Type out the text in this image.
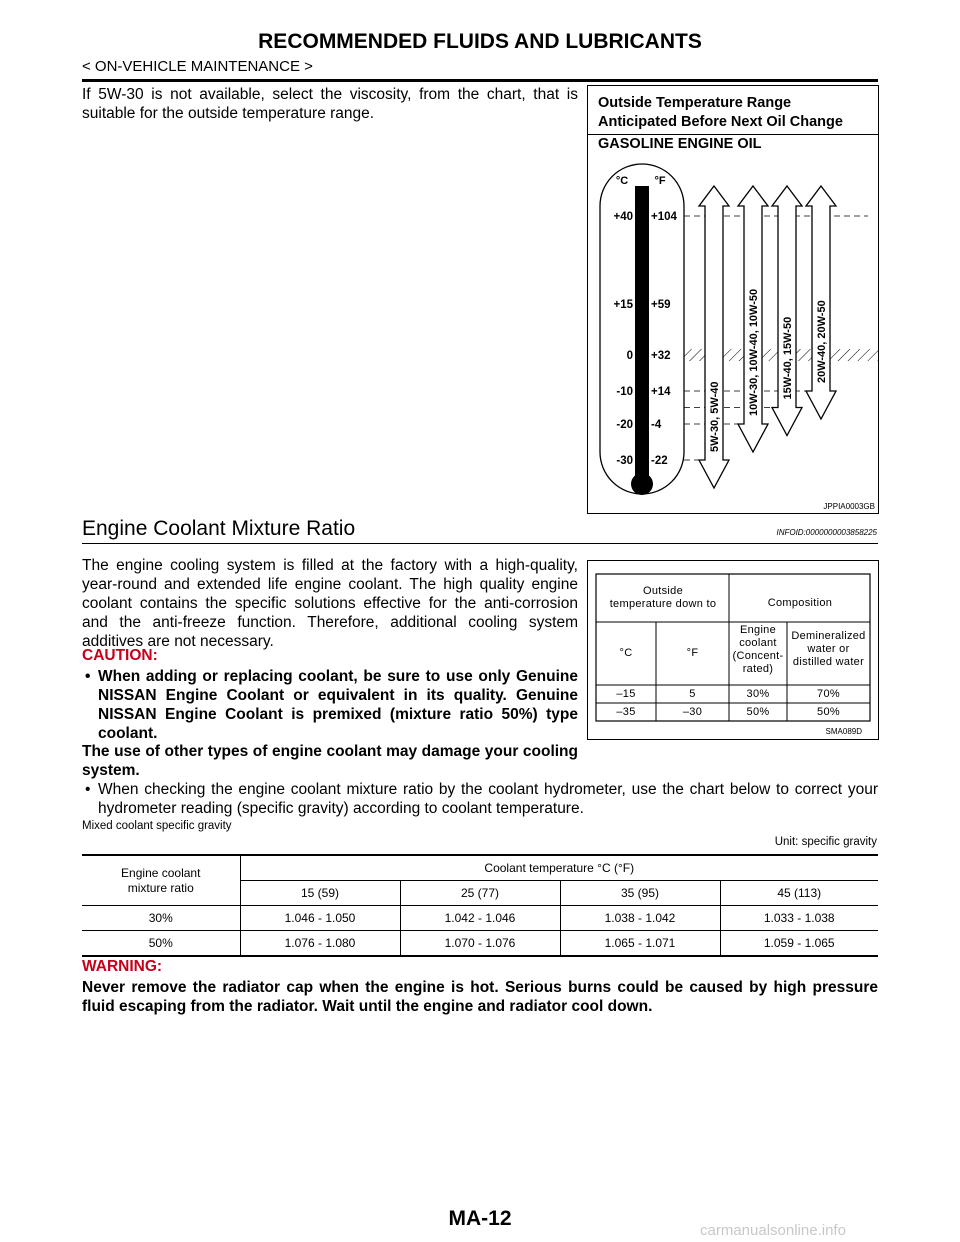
RECOMMENDED FLUIDS AND LUBRICANTS
< ON-VEHICLE MAINTENANCE >
If 5W-30 is not available, select the viscosity, from the chart, that is suitable for the outside temperature range.
Outside Temperature Range
Anticipated Before Next Oil Change
GASOLINE ENGINE OIL
°C °F
+40 +104
+15 +59
0 +32
-10 +14
-20 -4
-30 -22
5W-30, 5W-40
10W-30, 10W-40, 10W-50 15W-40, 15W-50 20W-40, 20W-50
JPPIA0003GB
Engine Coolant Mixture Ratio	INFOID:0000000003858225
The engine cooling system is filled at the factory with a high-quality, year-round and extended life engine coolant. The high quality engine coolant contains the specific solutions effective for the anti-corrosion and the anti-freeze function. Therefore, additional cooling system additives are not necessary.
CAUTION:
• When adding or replacing coolant, be sure to use only Genuine NISSAN Engine Coolant or equivalent in its quality. Genuine NISSAN Engine Coolant is premixed (mixture ratio 50%) type coolant.
The use of other types of engine coolant may damage your cooling system.
Outside
temperature down to	Composition
°C	°F
Engine
coolant
(Concent-
rated)
Demineralized
water or
distilled water
–15	5	30%	70%
–35	–30	50%	50%
SMA089D
• When checking the engine coolant mixture ratio by the coolant hydrometer, use the chart below to correct your hydrometer reading (specific gravity) according to coolant temperature.
Mixed coolant specific gravity
Unit: specific gravity
Engine coolant mixture ratio	Coolant temperature °C (°F)			
	15 (59)	25 (77)	35 (95)	45 (113)
30%	1.046 - 1.050	1.042 - 1.046	1.038 - 1.042	1.033 - 1.038
50%	1.076 - 1.080	1.070 - 1.076	1.065 - 1.071	1.059 - 1.065
WARNING:
Never remove the radiator cap when the engine is hot. Serious burns could be caused by high pressure fluid escaping from the radiator. Wait until the engine and radiator cool down.
MA-12
carmanualsonline.info
